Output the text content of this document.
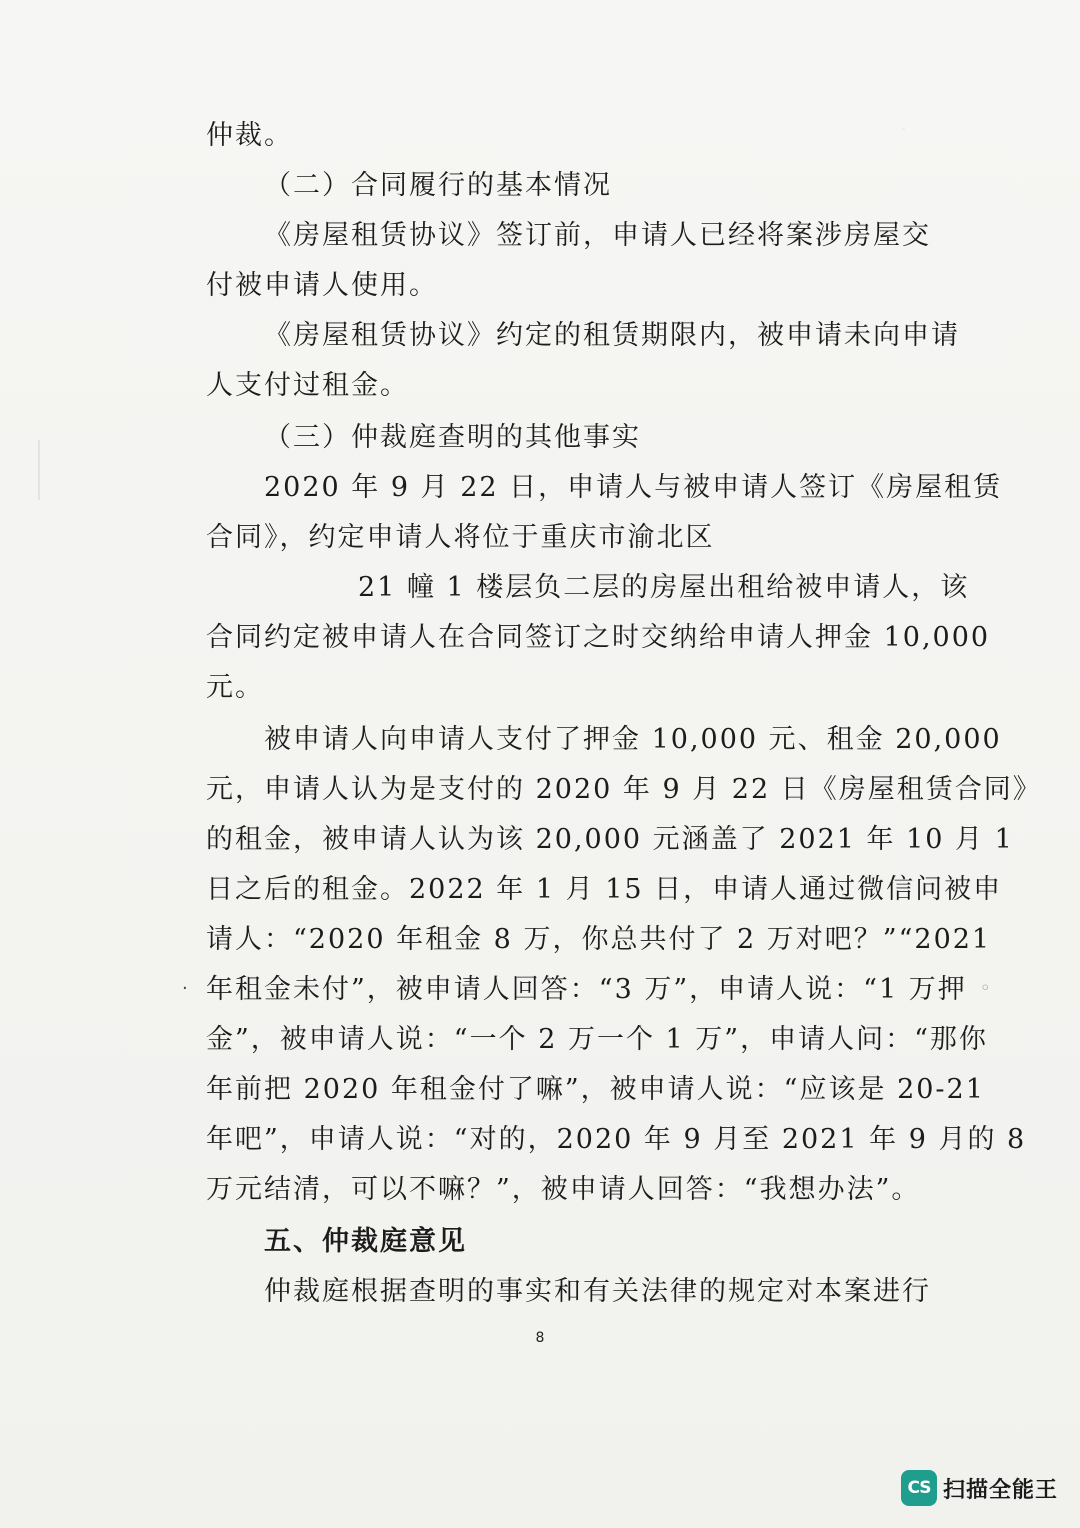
·
仲裁。
（二）合同履行的基本情况
《房屋租赁协议》签订前，申请人已经将案涉房屋交
付被申请人使用。
《房屋租赁协议》约定的租赁期限内，被申请未向申请
人支付过租金。
（三）仲裁庭查明的其他事实
2020 年 9 月 22 日，申请人与被申请人签订《房屋租赁
合同》，约定申请人将位于重庆市渝北区
21 幢 1 楼层负二层的房屋出租给被申请人，该
合同约定被申请人在合同签订之时交纳给申请人押金 10,000
元。
被申请人向申请人支付了押金 10,000 元、租金 20,000
元，申请人认为是支付的 2020 年 9 月 22 日《房屋租赁合同》
的租金，被申请人认为该 20,000 元涵盖了 2021 年 10 月 1
日之后的租金。2022 年 1 月 15 日，申请人通过微信问被申
请人：“2020 年租金 8 万，你总共付了 2 万对吧？”“2021
· 年租金未付”，被申请人回答：“3 万”，申请人说：“1 万押 ◦
金”，被申请人说：“一个 2 万一个 1 万”，申请人问：“那你
年前把 2020 年租金付了嘛”，被申请人说：“应该是 20-21
年吧”，申请人说：“对的，2020 年 9 月至 2021 年 9 月的 8
万元结清，可以不嘛？”，被申请人回答：“我想办法”。
五、仲裁庭意见
仲裁庭根据查明的事实和有关法律的规定对本案进行
8
CS 扫描全能王
